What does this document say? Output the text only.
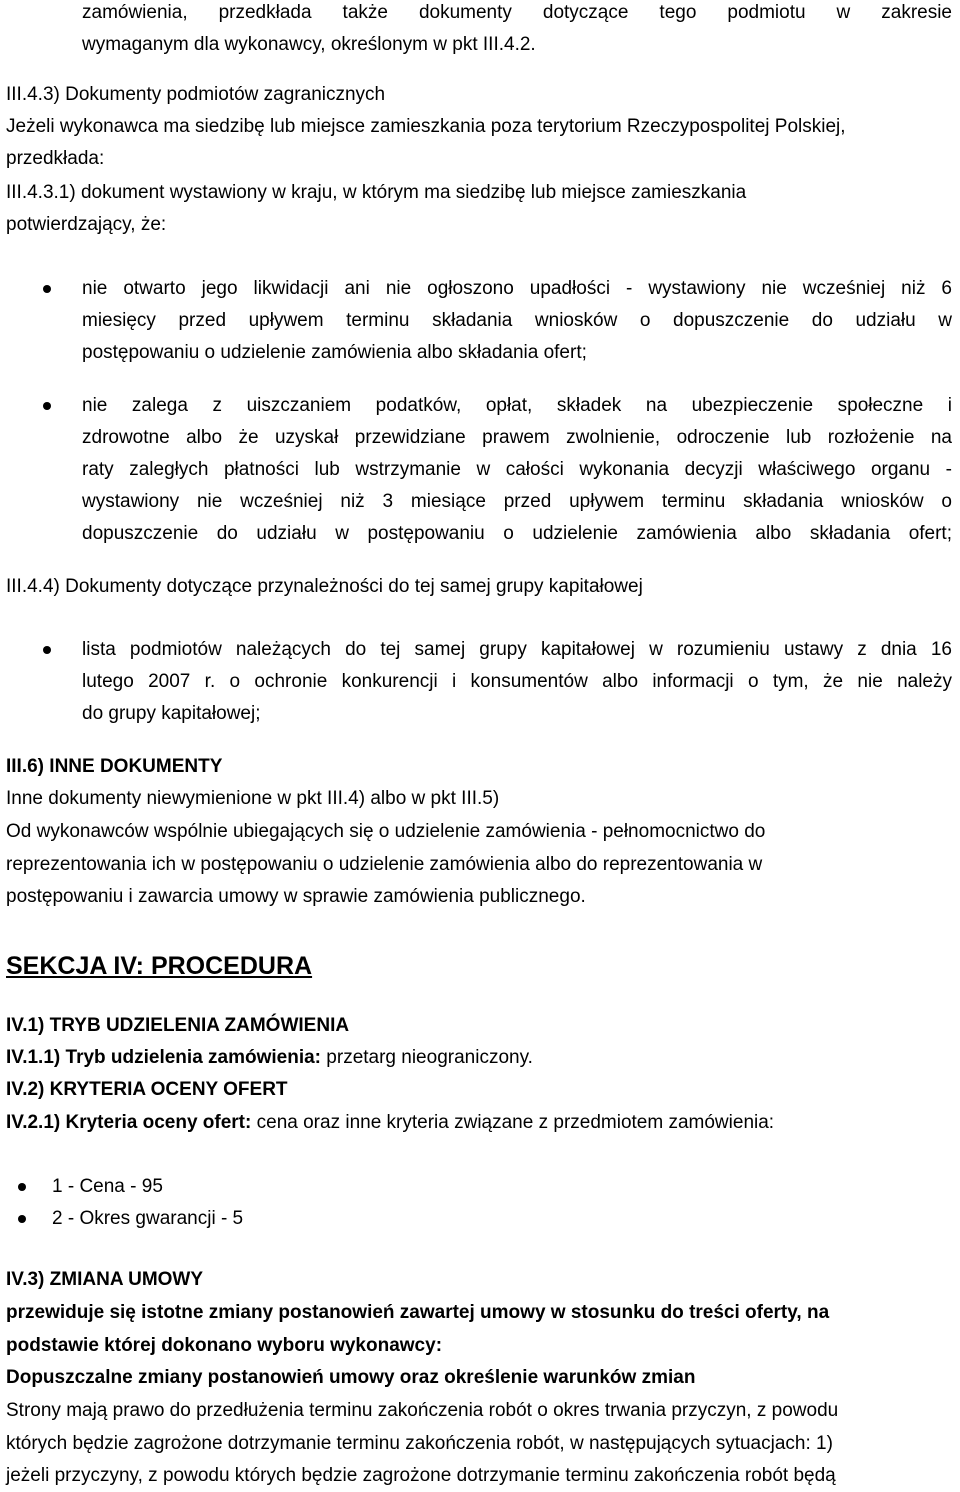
zamówienia, przedkłada także dokumenty dotyczące tego podmiotu w zakresie
wymaganym dla wykonawcy, określonym w pkt III.4.2.
III.4.3) Dokumenty podmiotów zagranicznych
Jeżeli wykonawca ma siedzibę lub miejsce zamieszkania poza terytorium Rzeczypospolitej Polskiej,
przedkłada:
III.4.3.1) dokument wystawiony w kraju, w którym ma siedzibę lub miejsce zamieszkania
potwierdzający, że:
nie otwarto jego likwidacji ani nie ogłoszono upadłości - wystawiony nie wcześniej niż 6
miesięcy przed upływem terminu składania wniosków o dopuszczenie do udziału w
postępowaniu o udzielenie zamówienia albo składania ofert;
nie zalega z uiszczaniem podatków, opłat, składek na ubezpieczenie społeczne i
zdrowotne albo że uzyskał przewidziane prawem zwolnienie, odroczenie lub rozłożenie na
raty zaległych płatności lub wstrzymanie w całości wykonania decyzji właściwego organu -
wystawiony nie wcześniej niż 3 miesiące przed upływem terminu składania wniosków o
dopuszczenie do udziału w postępowaniu o udzielenie zamówienia albo składania ofert;
III.4.4) Dokumenty dotyczące przynależności do tej samej grupy kapitałowej
lista podmiotów należących do tej samej grupy kapitałowej w rozumieniu ustawy z dnia 16
lutego 2007 r. o ochronie konkurencji i konsumentów albo informacji o tym, że nie należy
do grupy kapitałowej;
III.6) INNE DOKUMENTY
Inne dokumenty niewymienione w pkt III.4) albo w pkt III.5)
Od wykonawców wspólnie ubiegających się o udzielenie zamówienia - pełnomocnictwo do
reprezentowania ich w postępowaniu o udzielenie zamówienia albo do reprezentowania w
postępowaniu i zawarcia umowy w sprawie zamówienia publicznego.
SEKCJA IV: PROCEDURA
IV.1) TRYB UDZIELENIA ZAMÓWIENIA
IV.1.1) Tryb udzielenia zamówienia: przetarg nieograniczony.
IV.2) KRYTERIA OCENY OFERT
IV.2.1) Kryteria oceny ofert: cena oraz inne kryteria związane z przedmiotem zamówienia:
1 - Cena - 95
2 - Okres gwarancji - 5
IV.3) ZMIANA UMOWY
przewiduje się istotne zmiany postanowień zawartej umowy w stosunku do treści oferty, na
podstawie której dokonano wyboru wykonawcy:
Dopuszczalne zmiany postanowień umowy oraz określenie warunków zmian
Strony mają prawo do przedłużenia terminu zakończenia robót o okres trwania przyczyn, z powodu
których będzie zagrożone dotrzymanie terminu zakończenia robót, w następujących sytuacjach: 1)
jeżeli przyczyny, z powodu których będzie zagrożone dotrzymanie terminu zakończenia robót będą
